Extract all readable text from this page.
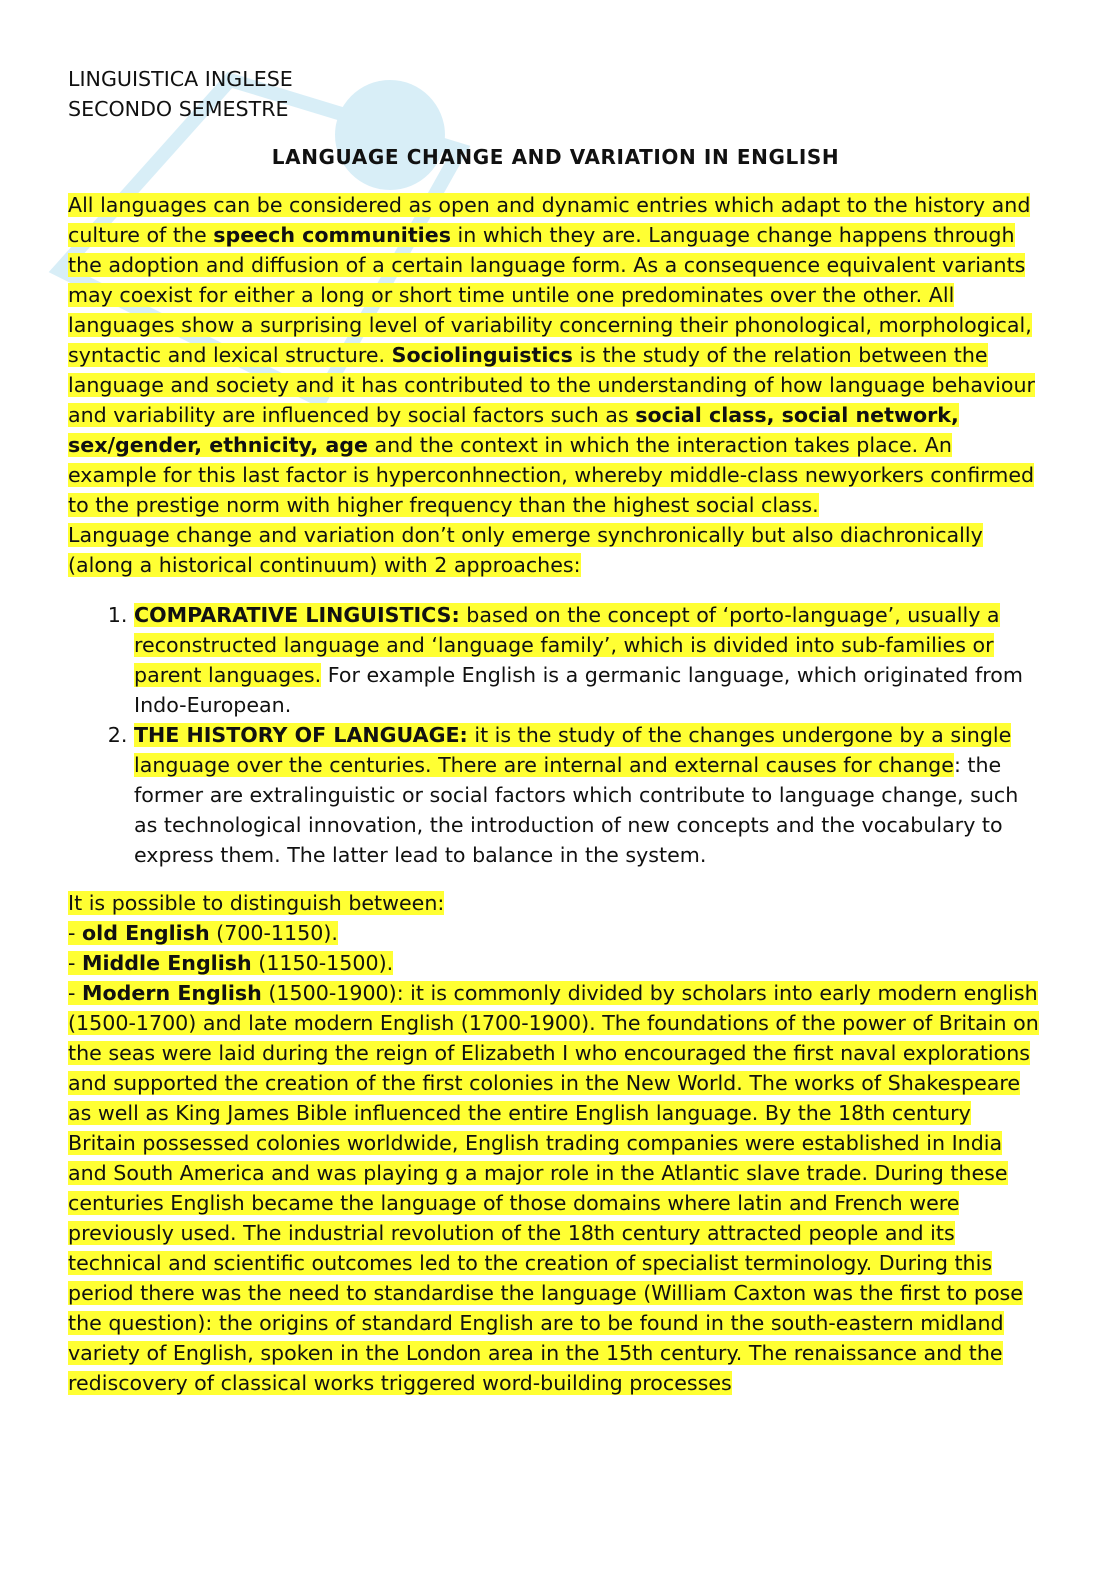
LINGUISTICA INGLESE
SECONDO SEMESTRE
LANGUAGE CHANGE AND VARIATION IN ENGLISH

All languages can be considered as open and dynamic entries which adapt to the history and culture of the speech communities in which they are. Language change happens through the adoption and diffusion of a certain language form. As a consequence equivalent variants may coexist for either a long or short time untile one predominates over the other. All languages show a surprising level of variability concerning their phonological, morphological, syntactic and lexical structure. Sociolinguistics is the study of the relation between the language and society and it has contributed to the understanding of how language behaviour and variability are influenced by social factors such as social class, social network, sex/gender, ethnicity, age and the context in which the interaction takes place. An example for this last factor is hyperconhnection, whereby middle-class newyorkers confirmed to the prestige norm with higher frequency than the highest social class.
Language change and variation don’t only emerge synchronically but also diachronically (along a historical continuum) with 2 approaches:

1. COMPARATIVE LINGUISTICS: based on the concept of ‘porto-language’, usually a reconstructed language and ‘language family’, which is divided into sub-families or parent languages. For example English is a germanic language, which originated from Indo-European.
2. THE HISTORY OF LANGUAGE: it is the study of the changes undergone by a single language over the centuries. There are internal and external causes for change: the former are extralinguistic or social factors which contribute to language change, such as technological innovation, the introduction of new concepts and the vocabulary to express them. The latter lead to balance in the system.

It is possible to distinguish between:
- old English (700-1150).
- Middle English (1150-1500).
- Modern English (1500-1900): it is commonly divided by scholars into early modern english (1500-1700) and late modern English (1700-1900). The foundations of the power of Britain on the seas were laid during the reign of Elizabeth I who encouraged the first naval explorations and supported the creation of the first colonies in the New World. The works of Shakespeare as well as King James Bible influenced the entire English language. By the 18th century Britain possessed colonies worldwide, English trading companies were established in India and South America and was playing g a major role in the Atlantic slave trade. During these centuries English became the language of those domains where latin and French were previously used. The industrial revolution of the 18th century attracted people and its technical and scientific outcomes led to the creation of specialist terminology. During this period there was the need to standardise the language (William Caxton was the first to pose the question): the origins of standard English are to be found in the south-eastern midland variety of English, spoken in the London area in the 15th century. The renaissance and the rediscovery of classical works triggered word-building processes
